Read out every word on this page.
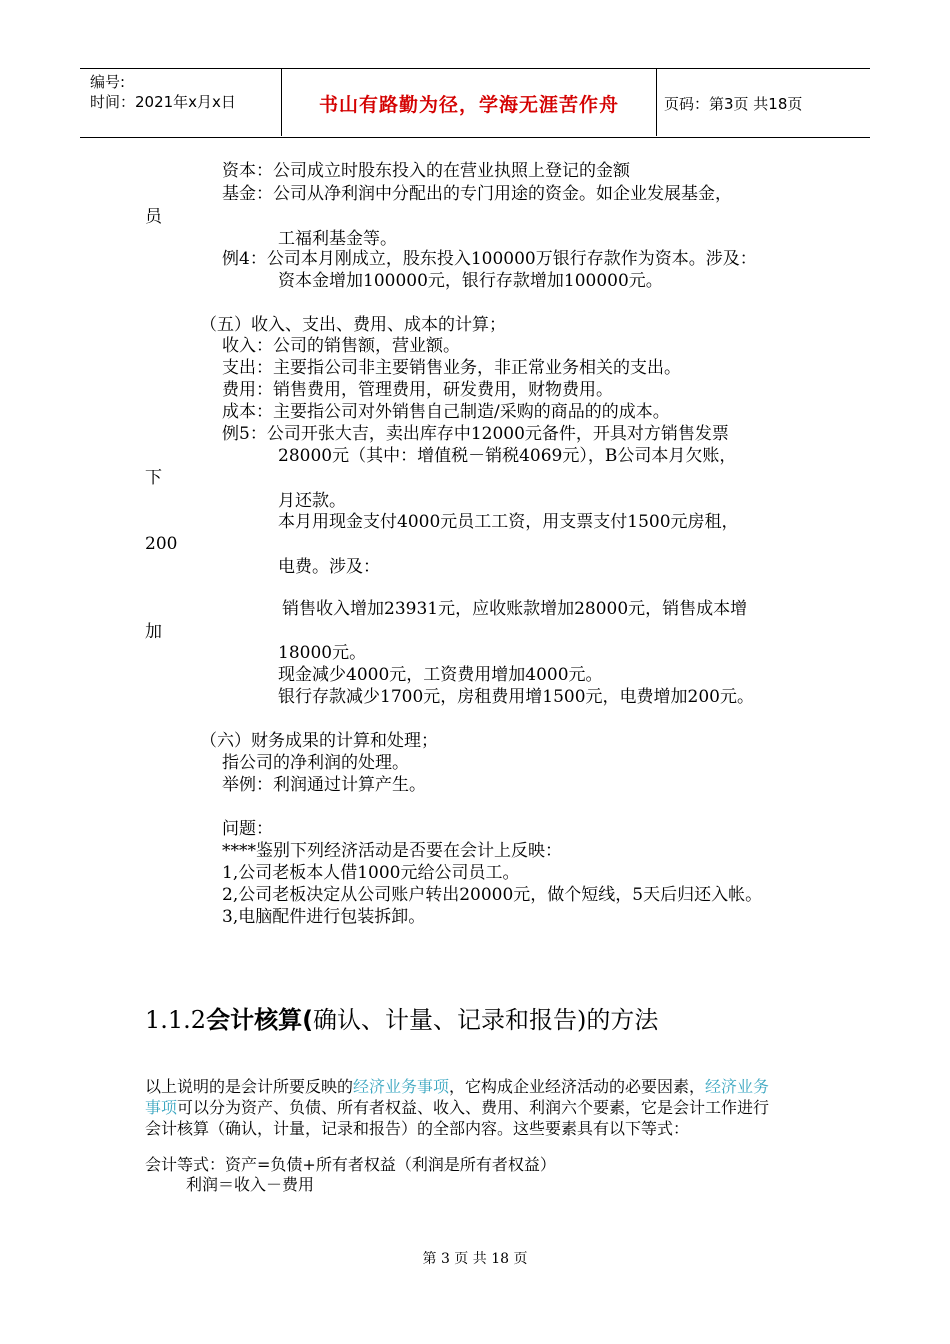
编号:
时间：2021年x月x日	书山有路勤为径，学海无涯苦作舟	页码：第3页 共18页
资本：公司成立时股东投入的在营业执照上登记的金额
基金：公司从净利润中分配出的专门用途的资金。如企业发展基金，
员
工福利基金等。
例4：公司本月刚成立，股东投入100000万银行存款作为资本。涉及：
资本金增加100000元，银行存款增加100000元。
（五）收入、支出、费用、成本的计算；
收入：公司的销售额，营业额。
支出：主要指公司非主要销售业务，非正常业务相关的支出。
费用：销售费用，管理费用，研发费用，财物费用。
成本：主要指公司对外销售自己制造/采购的商品的的成本。
例5：公司开张大吉，卖出库存中12000元备件，开具对方销售发票
28000元（其中：增值税－销税4069元），B公司本月欠账，
下
月还款。
本月用现金支付4000元员工工资，用支票支付1500元房租，
200
电费。涉及：
销售收入增加23931元，应收账款增加28000元，销售成本增
加
18000元。
现金减少4000元，工资费用增加4000元。
银行存款减少1700元，房租费用增1500元，电费增加200元。
（六）财务成果的计算和处理；
指公司的净利润的处理。
举例：利润通过计算产生。
问题：
****鉴别下列经济活动是否要在会计上反映：
1,公司老板本人借1000元给公司员工。
2,公司老板决定从公司账户转出20000元，做个短线，5天后归还入帐。
3,电脑配件进行包装拆卸。
1.1.2会计核算(确认、计量、记录和报告)的方法
以上说明的是会计所要反映的经济业务事项，它构成企业经济活动的必要因素，经济业务
事项可以分为资产、负债、所有者权益、收入、费用、利润六个要素，它是会计工作进行
会计核算（确认，计量，记录和报告）的全部内容。这些要素具有以下等式：
会计等式：资产=负债+所有者权益（利润是所有者权益）
利润＝收入－费用
第 3 页 共 18 页
